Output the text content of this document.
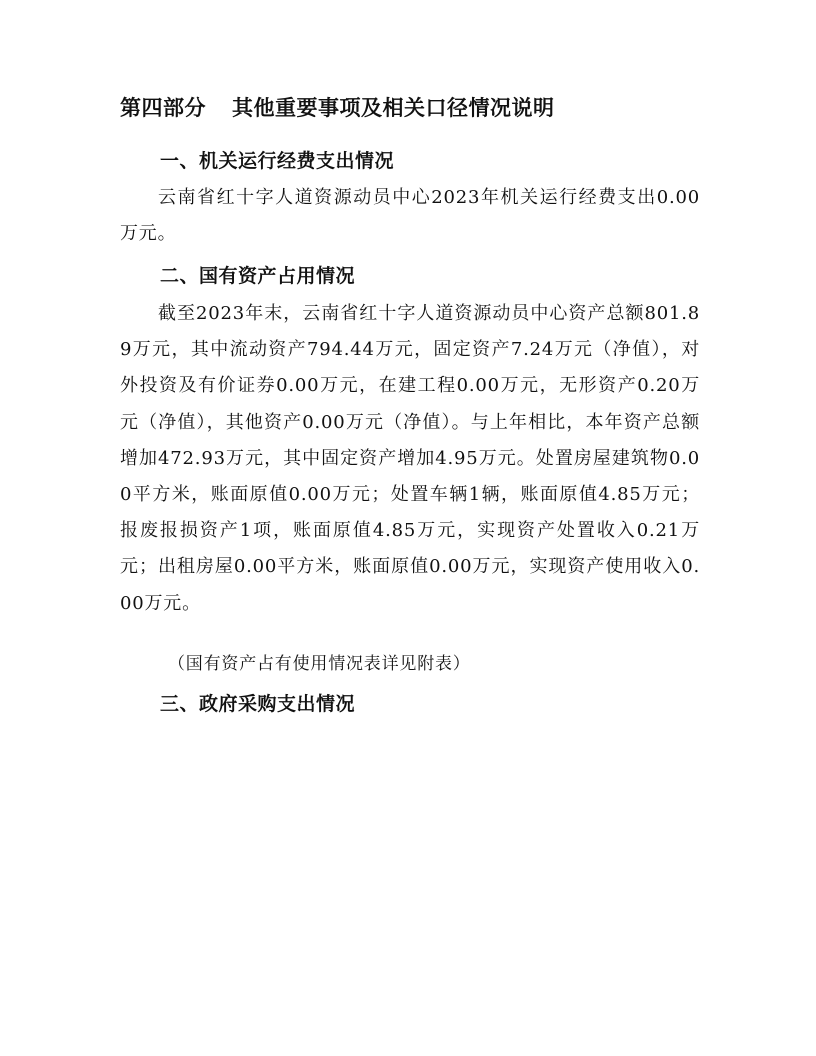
第四部分 其他重要事项及相关口径情况说明
一、机关运行经费支出情况

云南省红十字人道资源动员中心2023年机关运行经费支出0.00万元。

二、国有资产占用情况

截至2023年末，云南省红十字人道资源动员中心资产总额801.89万元，其中流动资产794.44万元，固定资产7.24万元（净值），对外投资及有价证券0.00万元，在建工程0.00万元，无形资产0.20万元（净值），其他资产0.00万元（净值）。与上年相比，本年资产总额增加472.93万元，其中固定资产增加4.95万元。处置房屋建筑物0.00平方米，账面原值0.00万元；处置车辆1辆，账面原值4.85万元；报废报损资产1项，账面原值4.85万元，实现资产处置收入0.21万元；出租房屋0.00平方米，账面原值0.00万元，实现资产使用收入0.00万元。

（国有资产占有使用情况表详见附表）
三、政府采购支出情况
